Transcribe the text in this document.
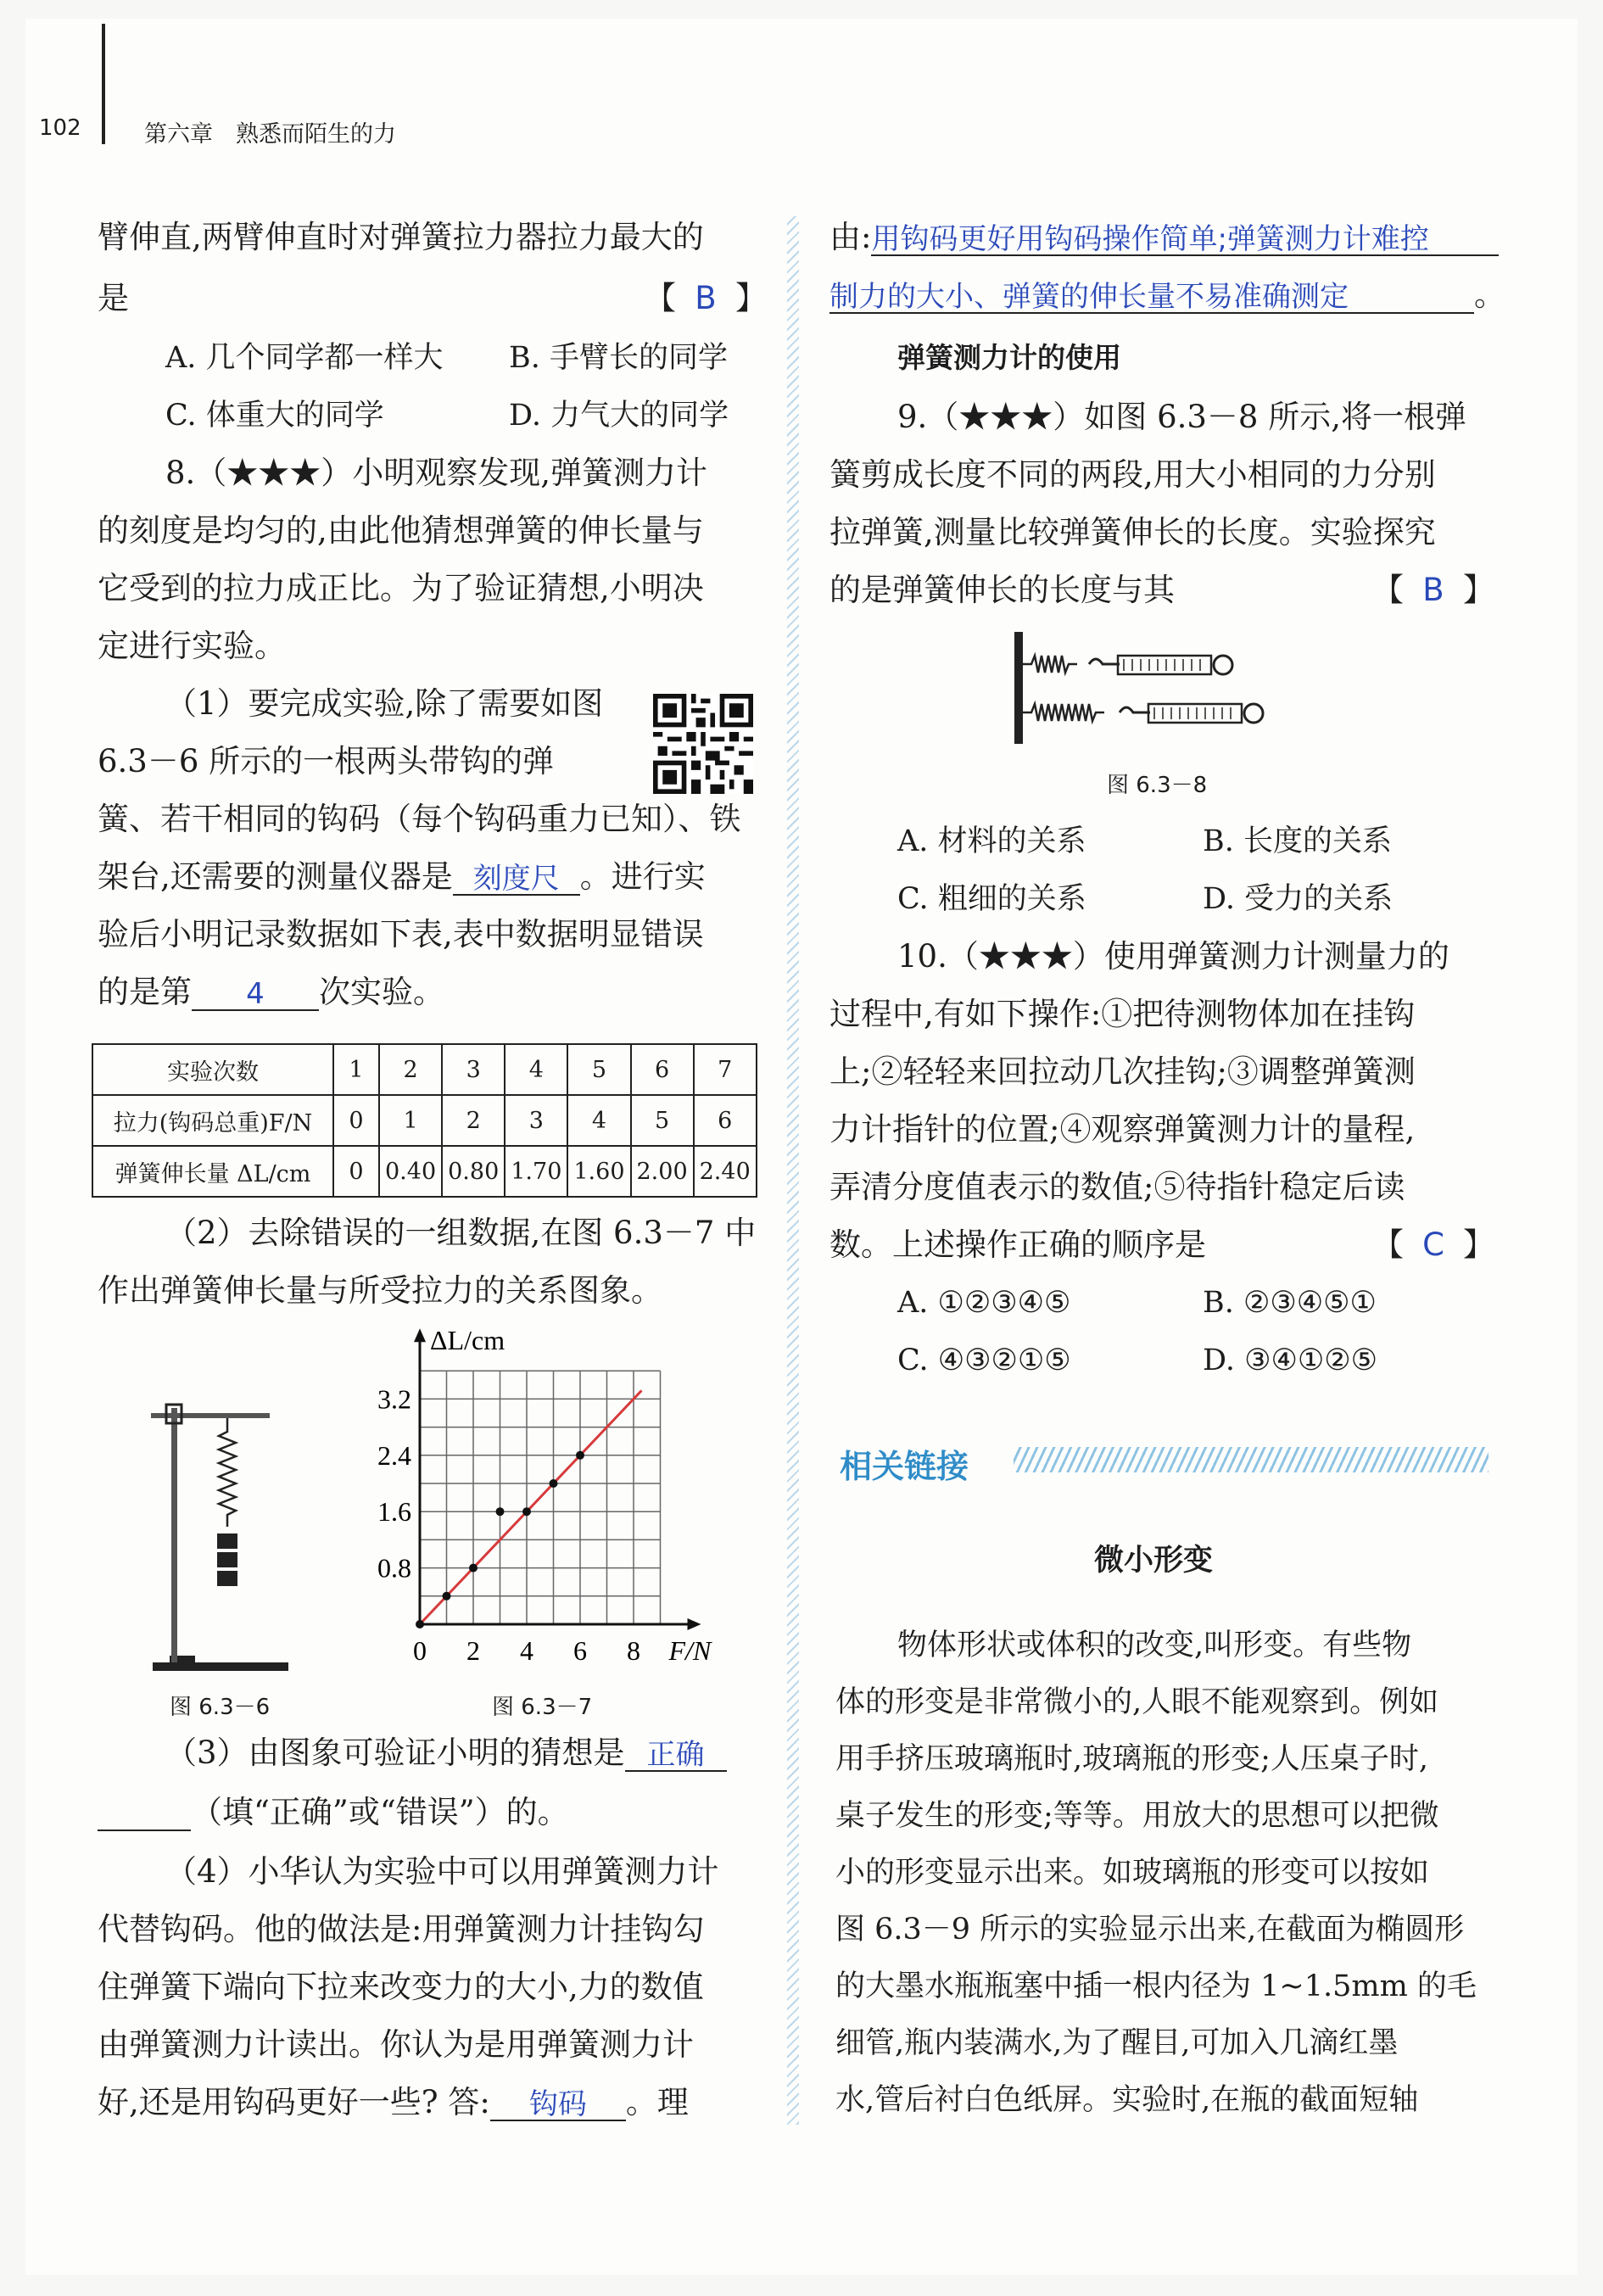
102	第六章　熟悉而陌生的力
臂伸直,两臂伸直时对弹簧拉力器拉力最大的
是	【 B 】
A. 几个同学都一样大 B. 手臂长的同学
C. 体重大的同学	D. 力气大的同学
8.（★★★）小明观察发现,弹簧测力计
的刻度是均匀的,由此他猜想弹簧的伸长量与
它受到的拉力成正比。为了验证猜想,小明决
定进行实验。
（1）要完成实验,除了需要如图
6.3－6 所示的一根两头带钩的弹
簧、若干相同的钩码（每个钩码重力已知）、铁
架台,还需要的测量仪器是 刻度尺 。进行实
验后小明记录数据如下表,表中数据明显错误
的是第 4 次实验。
实验次数	1	2	3	4	5	6	7
拉力(钩码总重)F/N	0	1	2	3	4	5	6
弹簧伸长量 ΔL/cm	0	0.40	0.80	1.70	1.60	2.00	2.40
（2）去除错误的一组数据,在图 6.3－7 中
作出弹簧伸长量与所受拉力的关系图象。
图 6.3－6
0 2 4 6 8
0.8
1.6
2.4
3.2
F/N
ΔL/cm
图 6.3－7
（3）由图象可验证小明的猜想是 正确
（填“正确”或“错误”）的。
（4）小华认为实验中可以用弹簧测力计
代替钩码。他的做法是:用弹簧测力计挂钩勾
住弹簧下端向下拉来改变力的大小,力的数值
由弹簧测力计读出。你认为是用弹簧测力计
好,还是用钩码更好一些? 答: 钩码 。理
由:用钩码更好用钩码操作简单;弹簧测力计难控
制力的大小、弹簧的伸长量不易准确测定	。
弹簧测力计的使用
9.（★★★）如图 6.3－8 所示,将一根弹
簧剪成长度不同的两段,用大小相同的力分别
拉弹簧,测量比较弹簧伸长的长度。实验探究
的是弹簧伸长的长度与其	【 B 】
图 6.3－8
A. 材料的关系	B. 长度的关系
C. 粗细的关系	D. 受力的关系
10.（★★★）使用弹簧测力计测量力的
过程中,有如下操作:①把待测物体加在挂钩
上;②轻轻来回拉动几次挂钩;③调整弹簧测
力计指针的位置;④观察弹簧测力计的量程,
弄清分度值表示的数值;⑤待指针稳定后读
数。上述操作正确的顺序是	【 C 】
A. ①②③④⑤	B. ②③④⑤①
C. ④③②①⑤	D. ③④①②⑤
相关链接
微小形变
物体形状或体积的改变,叫形变。有些物
体的形变是非常微小的,人眼不能观察到。例如
用手挤压玻璃瓶时,玻璃瓶的形变;人压桌子时,
桌子发生的形变;等等。用放大的思想可以把微
小的形变显示出来。如玻璃瓶的形变可以按如
图 6.3－9 所示的实验显示出来,在截面为椭圆形
的大墨水瓶瓶塞中插一根内径为 1~1.5mm 的毛
细管,瓶内装满水,为了醒目,可加入几滴红墨
水,管后衬白色纸屏。实验时,在瓶的截面短轴
